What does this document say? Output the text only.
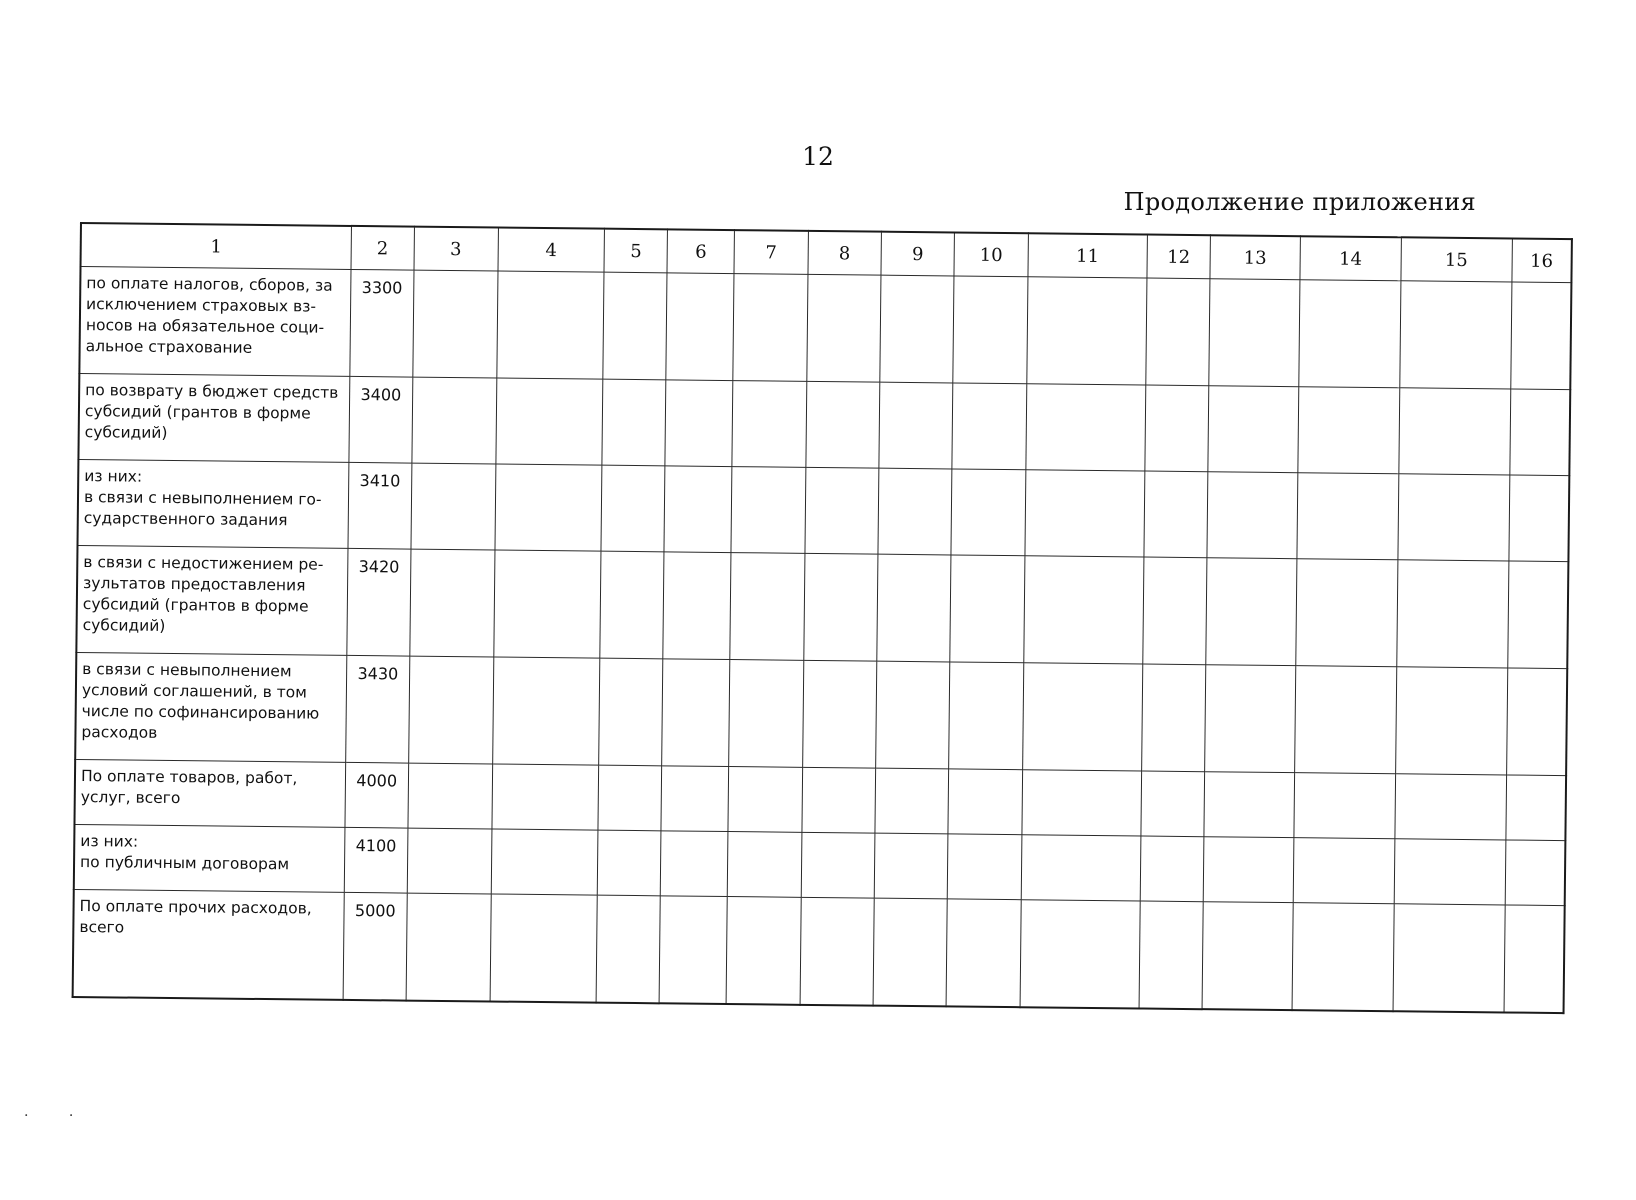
12
Продолжение приложения
1	2	3	4	5	6	7	8	9	10	11	12	13	14	15	16
по оплате налогов, сборов, за
исключением страховых вз-
носов на обязательное соци-
альное страхование	3300														
по возврату в бюджет средств
субсидий (грантов в форме
субсидий)	3400														
из них:
в связи с невыполнением го-
сударственного задания	3410														
в связи с недостижением ре-
зультатов предоставления
субсидий (грантов в форме
субсидий)	3420														
в связи с невыполнением
условий соглашений, в том
числе по софинансированию
расходов	3430														
По оплате товаров, работ,
услуг, всего	4000														
из них:
по публичным договорам	4100														
По оплате прочих расходов,
всего	5000														
. .
